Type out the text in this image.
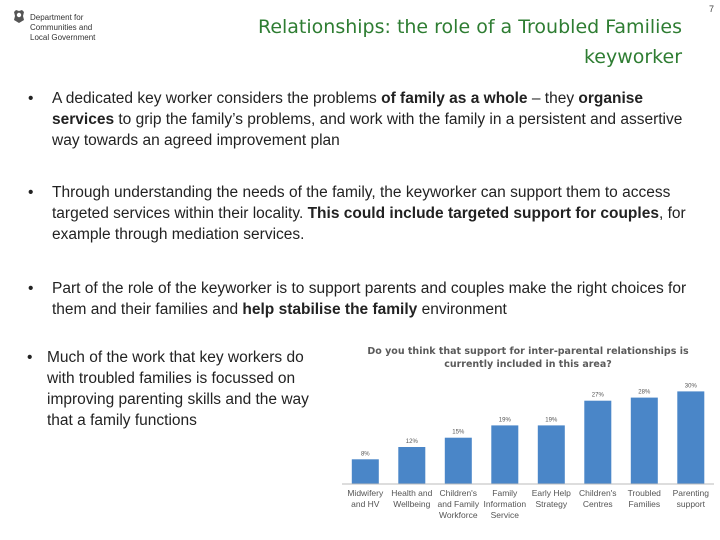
Department for
Communities and
Local Government
7
Relationships: the role of a Troubled Families
keyworker
• A dedicated key worker considers the problems of family as a whole – they organise services to grip the family’s problems, and work with the family in a persistent and assertive way towards an agreed improvement plan
• Through understanding the needs of the family, the keyworker can support them to access targeted services within their locality. This could include targeted support for couples, for example through mediation services.
• Part of the role of the keyworker is to support parents and couples make the right choices for them and their families and help stabilise the family environment
• Much of the work that key workers do with troubled families is focussed on improving parenting skills and the way that a family functions
Do you think that support for inter-parental relationships is
currently included in this area?
8%
Midwifery and HV
12%
Health and Wellbeing
15%
Children's and Family Workforce
19%
Family Information Service
19%
Early Help Strategy
27%
Children's Centres
28%
Troubled Families
30%
Parenting support
